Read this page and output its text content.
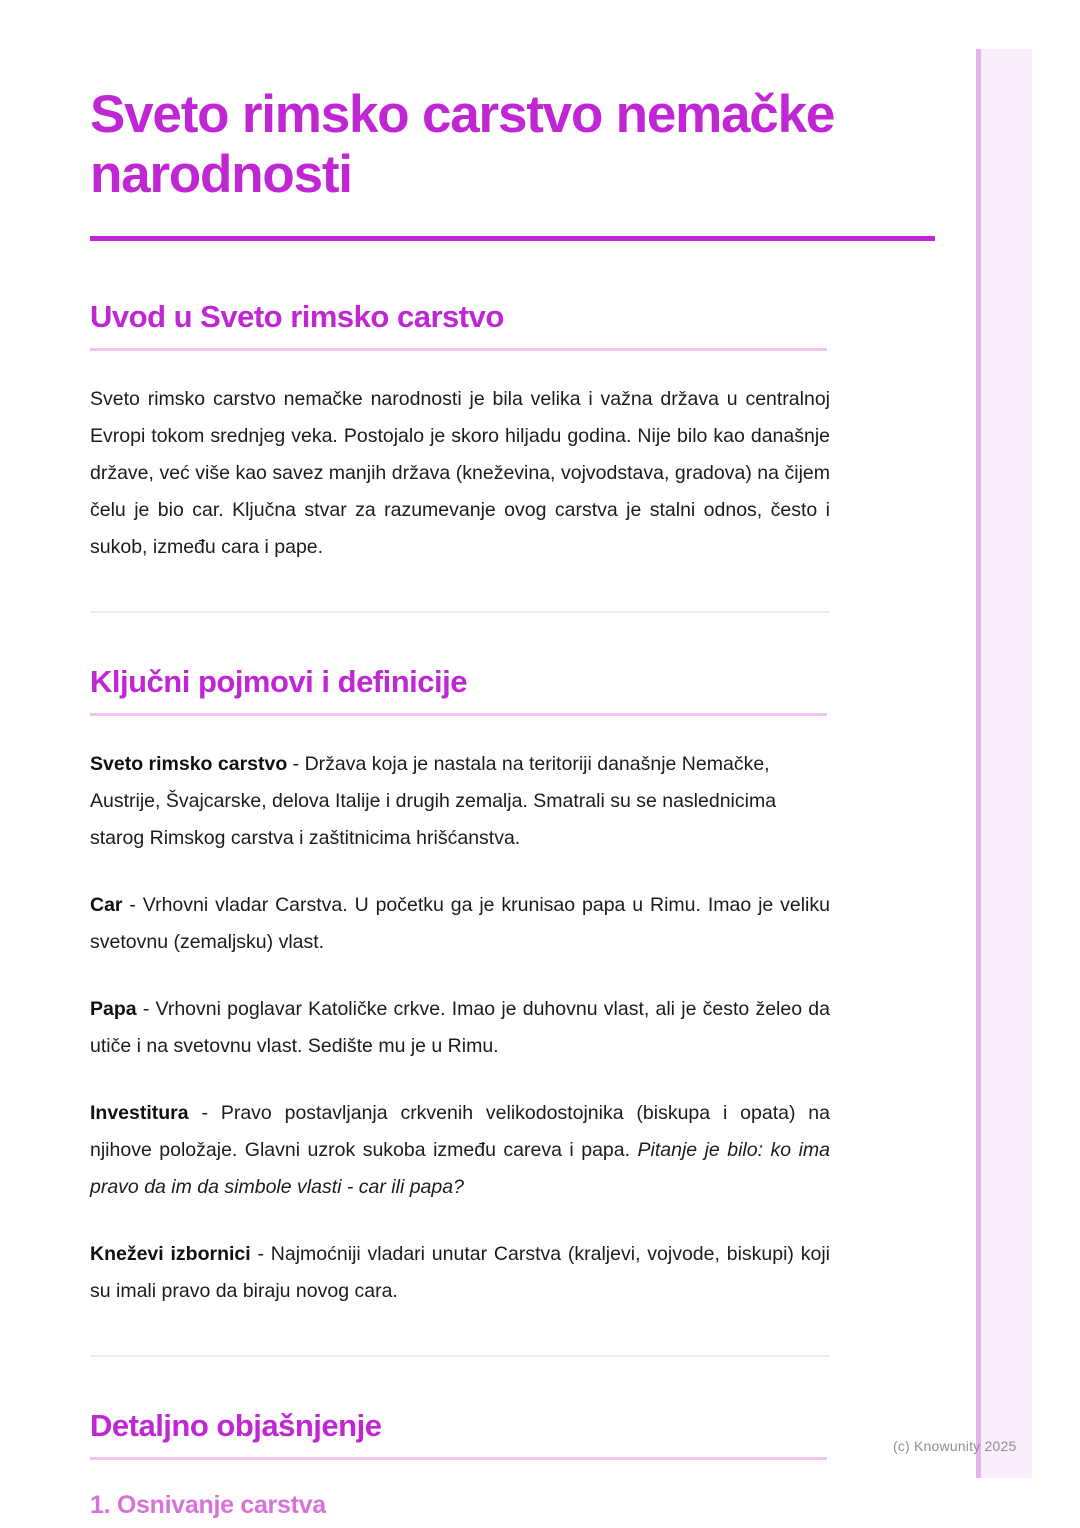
Sveto rimsko carstvo nemačke narodnosti
Uvod u Sveto rimsko carstvo

Sveto rimsko carstvo nemačke narodnosti je bila velika i važna država u centralnoj Evropi tokom srednjeg veka. Postojalo je skoro hiljadu godina. Nije bilo kao današnje države, već više kao savez manjih država (kneževina, vojvodstava, gradova) na čijem čelu je bio car. Ključna stvar za razumevanje ovog carstva je stalni odnos, često i sukob, između cara i pape.

Ključni pojmovi i definicije

Sveto rimsko carstvo - Država koja je nastala na teritoriji današnje Nemačke, Austrije, Švajcarske, delova Italije i drugih zemalja. Smatrali su se naslednicima starog Rimskog carstva i zaštitnicima hrišćanstva.

Car - Vrhovni vladar Carstva. U početku ga je krunisao papa u Rimu. Imao je veliku svetovnu (zemaljsku) vlast.

Papa - Vrhovni poglavar Katoličke crkve. Imao je duhovnu vlast, ali je često želeo da utiče i na svetovnu vlast. Sedište mu je u Rimu.

Investitura - Pravo postavljanja crkvenih velikodostojnika (biskupa i opata) na njihove položaje. Glavni uzrok sukoba između careva i papa. Pitanje je bilo: ko ima pravo da im da simbole vlasti - car ili papa?

Kneževi izbornici - Najmoćniji vladari unutar Carstva (kraljevi, vojvode, biskupi) koji su imali pravo da biraju novog cara.

Detaljno objašnjenje
1. Osnivanje carstva
(c) Knowunity 2025
